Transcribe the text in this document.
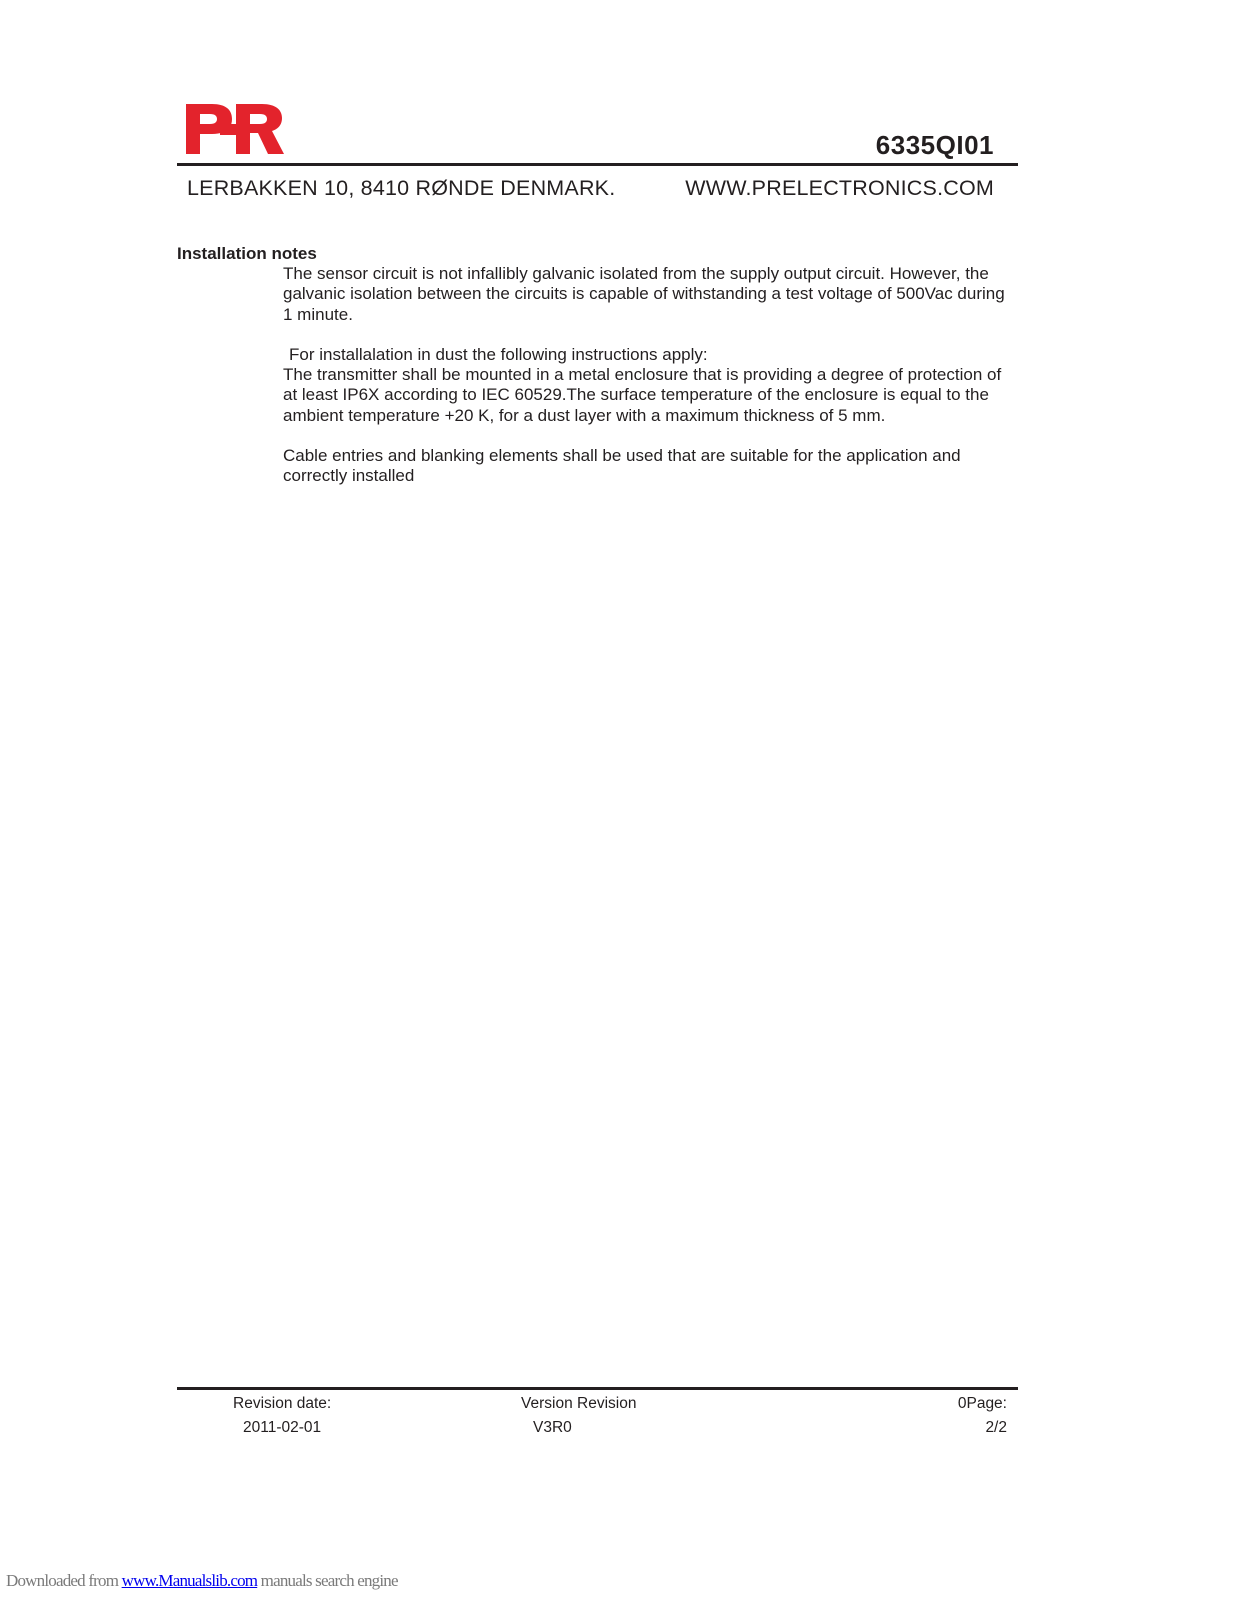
6335QI01
LERBAKKEN 10, 8410 RØNDE DENMARK.	WWW.PRELECTRONICS.COM
Installation notes

The sensor circuit is not infallibly galvanic isolated from the supply output circuit. However, the galvanic isolation between the circuits is capable of withstanding a test voltage of 500Vac during 1 minute.

For installalation in dust the following instructions apply:

The transmitter shall be mounted in a metal enclosure that is providing a degree of protection of at least IP6X according to IEC 60529.The surface temperature of the enclosure is equal to the ambient temperature +20 K, for a dust layer with a maximum thickness of 5 mm.

Cable entries and blanking elements shall be used that are suitable for the application and correctly installed

Revision date:
2011-02-01
Version Revision
V3R0
0Page:
2/2
Downloaded from www.Manualslib.com manuals search engine
